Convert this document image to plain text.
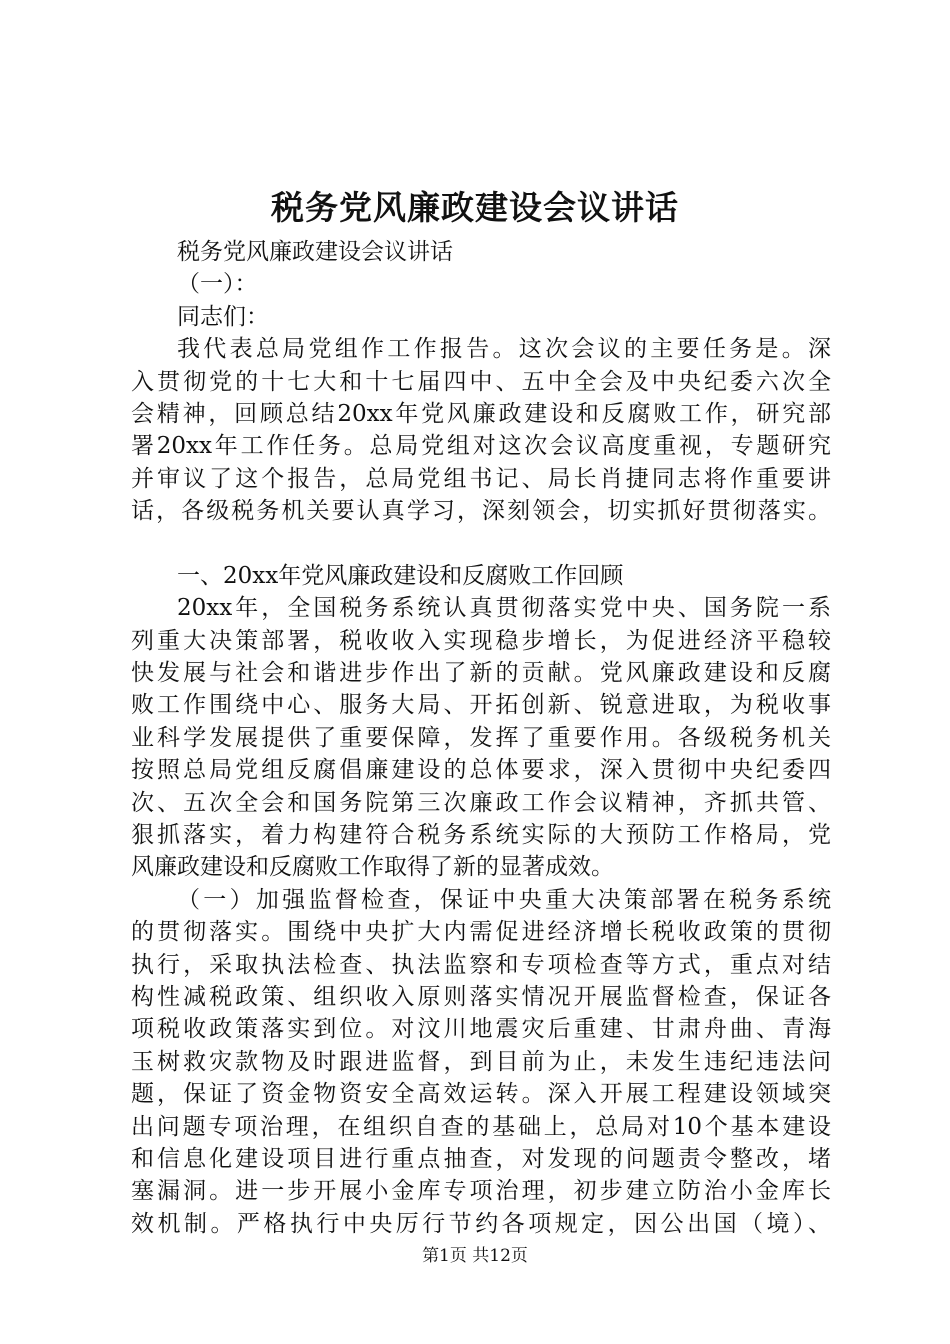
税务党风廉政建设会议讲话
税务党风廉政建设会议讲话
（一）：
同志们：
我代表总局党组作工作报告。这次会议的主要任务是。深
入贯彻党的十七大和十七届四中、五中全会及中央纪委六次全
会精神，回顾总结20xx年党风廉政建设和反腐败工作，研究部
署20xx年工作任务。总局党组对这次会议高度重视，专题研究
并审议了这个报告，总局党组书记、局长肖捷同志将作重要讲
话，各级税务机关要认真学习，深刻领会，切实抓好贯彻落实。
一、20xx年党风廉政建设和反腐败工作回顾
20xx年，全国税务系统认真贯彻落实党中央、国务院一系
列重大决策部署，税收收入实现稳步增长，为促进经济平稳较
快发展与社会和谐进步作出了新的贡献。党风廉政建设和反腐
败工作围绕中心、服务大局、开拓创新、锐意进取，为税收事
业科学发展提供了重要保障，发挥了重要作用。各级税务机关
按照总局党组反腐倡廉建设的总体要求，深入贯彻中央纪委四
次、五次全会和国务院第三次廉政工作会议精神，齐抓共管、
狠抓落实，着力构建符合税务系统实际的大预防工作格局，党
风廉政建设和反腐败工作取得了新的显著成效。
（一）加强监督检查，保证中央重大决策部署在税务系统
的贯彻落实。围绕中央扩大内需促进经济增长税收政策的贯彻
执行，采取执法检查、执法监察和专项检查等方式，重点对结
构性减税政策、组织收入原则落实情况开展监督检查，保证各
项税收政策落实到位。对汶川地震灾后重建、甘肃舟曲、青海
玉树救灾款物及时跟进监督，到目前为止，未发生违纪违法问
题，保证了资金物资安全高效运转。深入开展工程建设领域突
出问题专项治理，在组织自查的基础上，总局对10个基本建设
和信息化建设项目进行重点抽查，对发现的问题责令整改，堵
塞漏洞。进一步开展小金库专项治理，初步建立防治小金库长
效机制。严格执行中央厉行节约各项规定，因公出国（境）、
第1页 共12页
